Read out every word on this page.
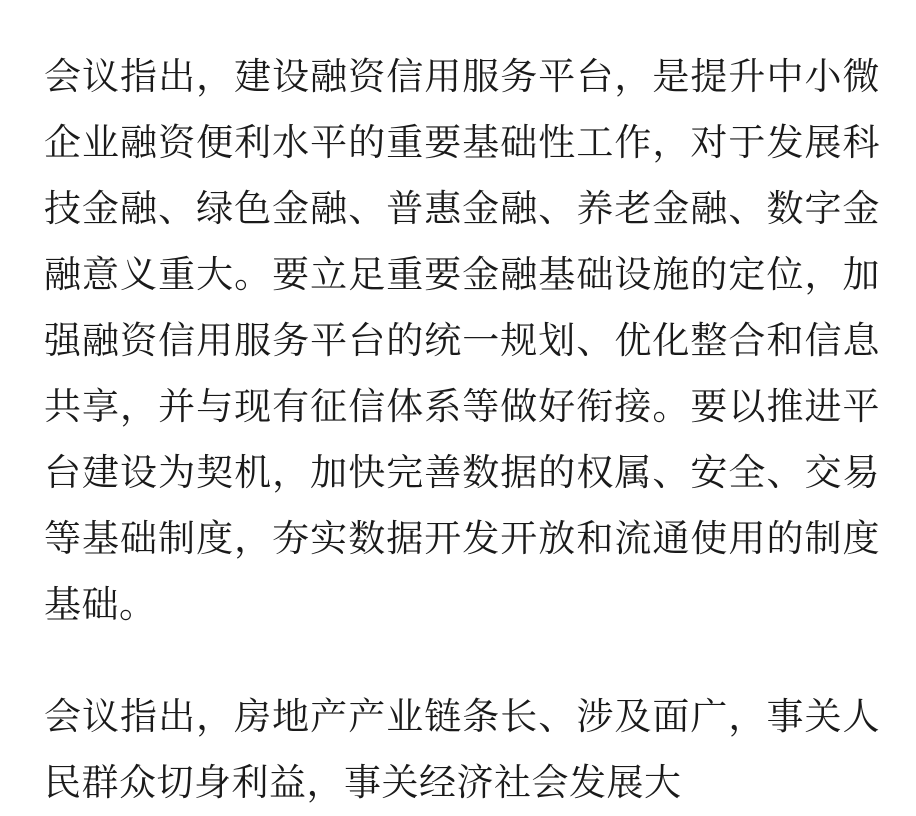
会议指出，建设融资信用服务平台，是提升中小微企业融资便利水平的重要基础性工作，对于发展科技金融、绿色金融、普惠金融、养老金融、数字金融意义重大。要立足重要金融基础设施的定位，加强融资信用服务平台的统一规划、优化整合和信息共享，并与现有征信体系等做好衔接。要以推进平台建设为契机，加快完善数据的权属、安全、交易等基础制度，夯实数据开发开放和流通使用的制度基础。

会议指出，房地产产业链条长、涉及面广，事关人民群众切身利益，事关经济社会发展大
